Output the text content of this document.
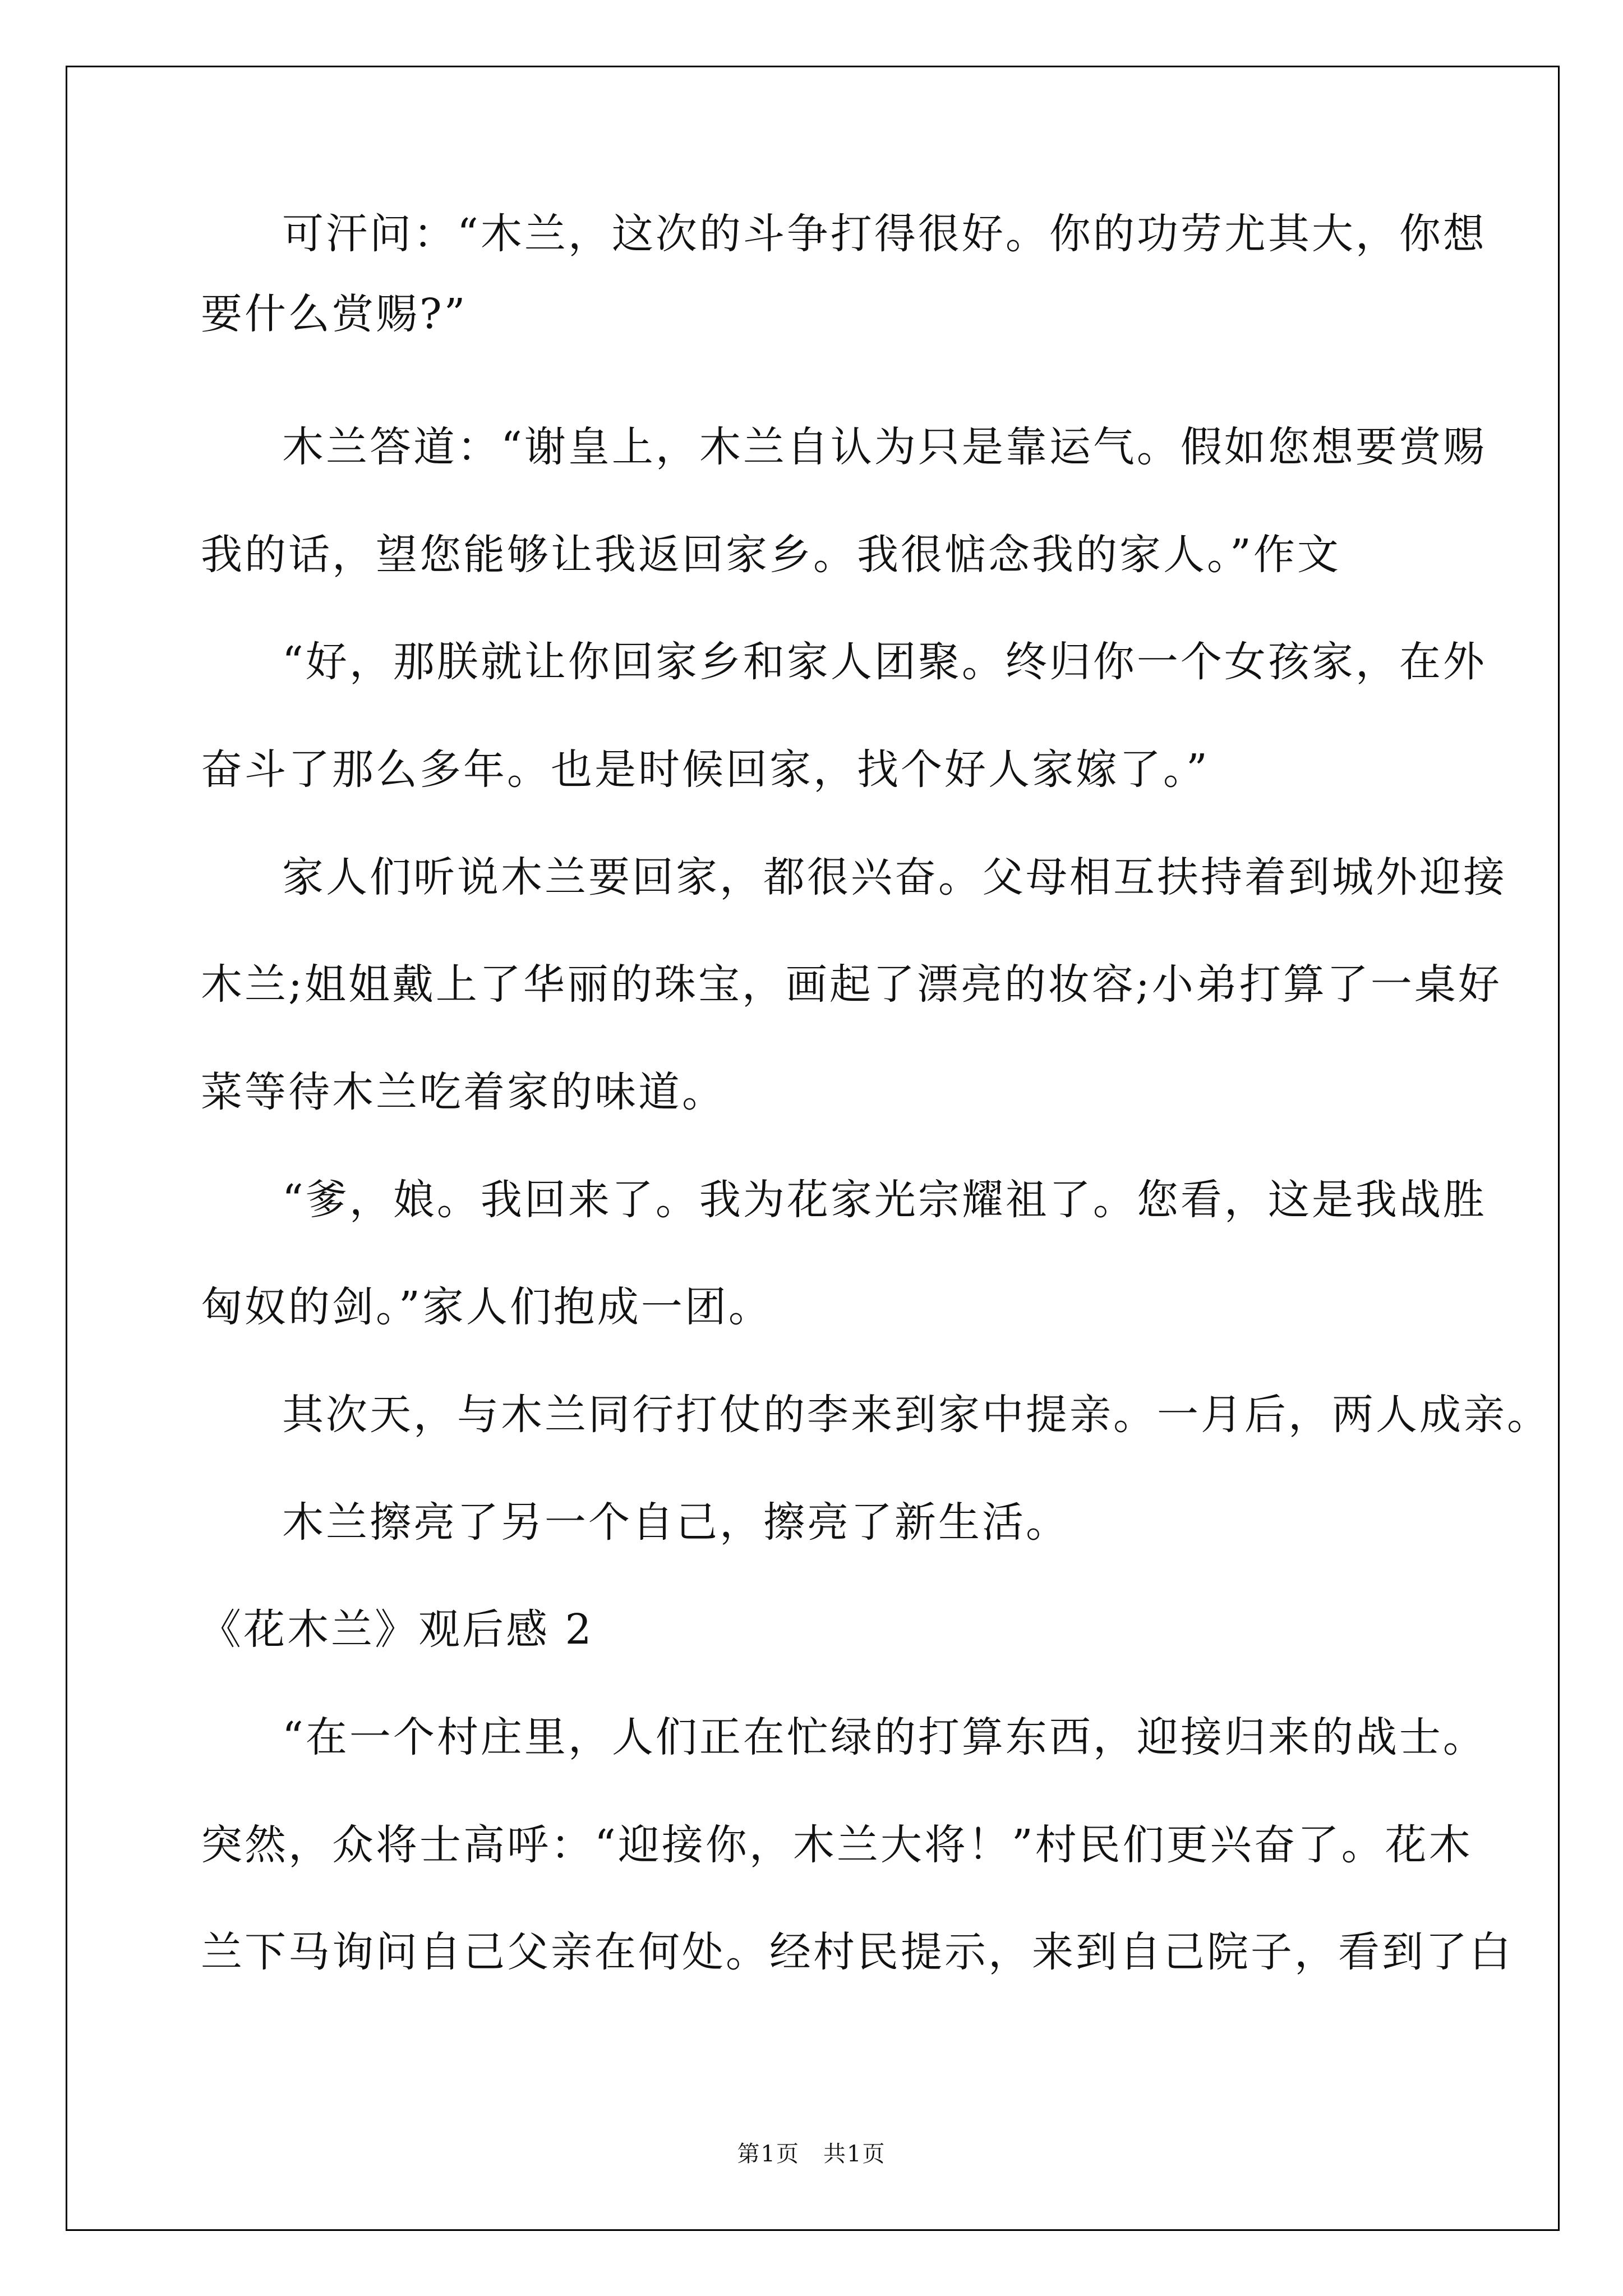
可汗问：“木兰，这次的斗争打得很好。你的功劳尤其大，你想
要什么赏赐?”
木兰答道：“谢皇上，木兰自认为只是靠运气。假如您想要赏赐
我的话，望您能够让我返回家乡。我很惦念我的家人。”作文
“好，那朕就让你回家乡和家人团聚。终归你一个女孩家，在外
奋斗了那么多年。也是时候回家，找个好人家嫁了。”
家人们听说木兰要回家，都很兴奋。父母相互扶持着到城外迎接
木兰;姐姐戴上了华丽的珠宝，画起了漂亮的妆容;小弟打算了一桌好
菜等待木兰吃着家的味道。
“爹，娘。我回来了。我为花家光宗耀祖了。您看，这是我战胜
匈奴的剑。”家人们抱成一团。
其次天，与木兰同行打仗的李来到家中提亲。一月后，两人成亲。
木兰擦亮了另一个自己，擦亮了新生活。
《花木兰》观后感 2
“在一个村庄里，人们正在忙绿的打算东西，迎接归来的战士。
突然，众将士高呼：“迎接你，木兰大将！”村民们更兴奋了。花木
兰下马询问自己父亲在何处。经村民提示，来到自己院子，看到了白
第1页　共1页
